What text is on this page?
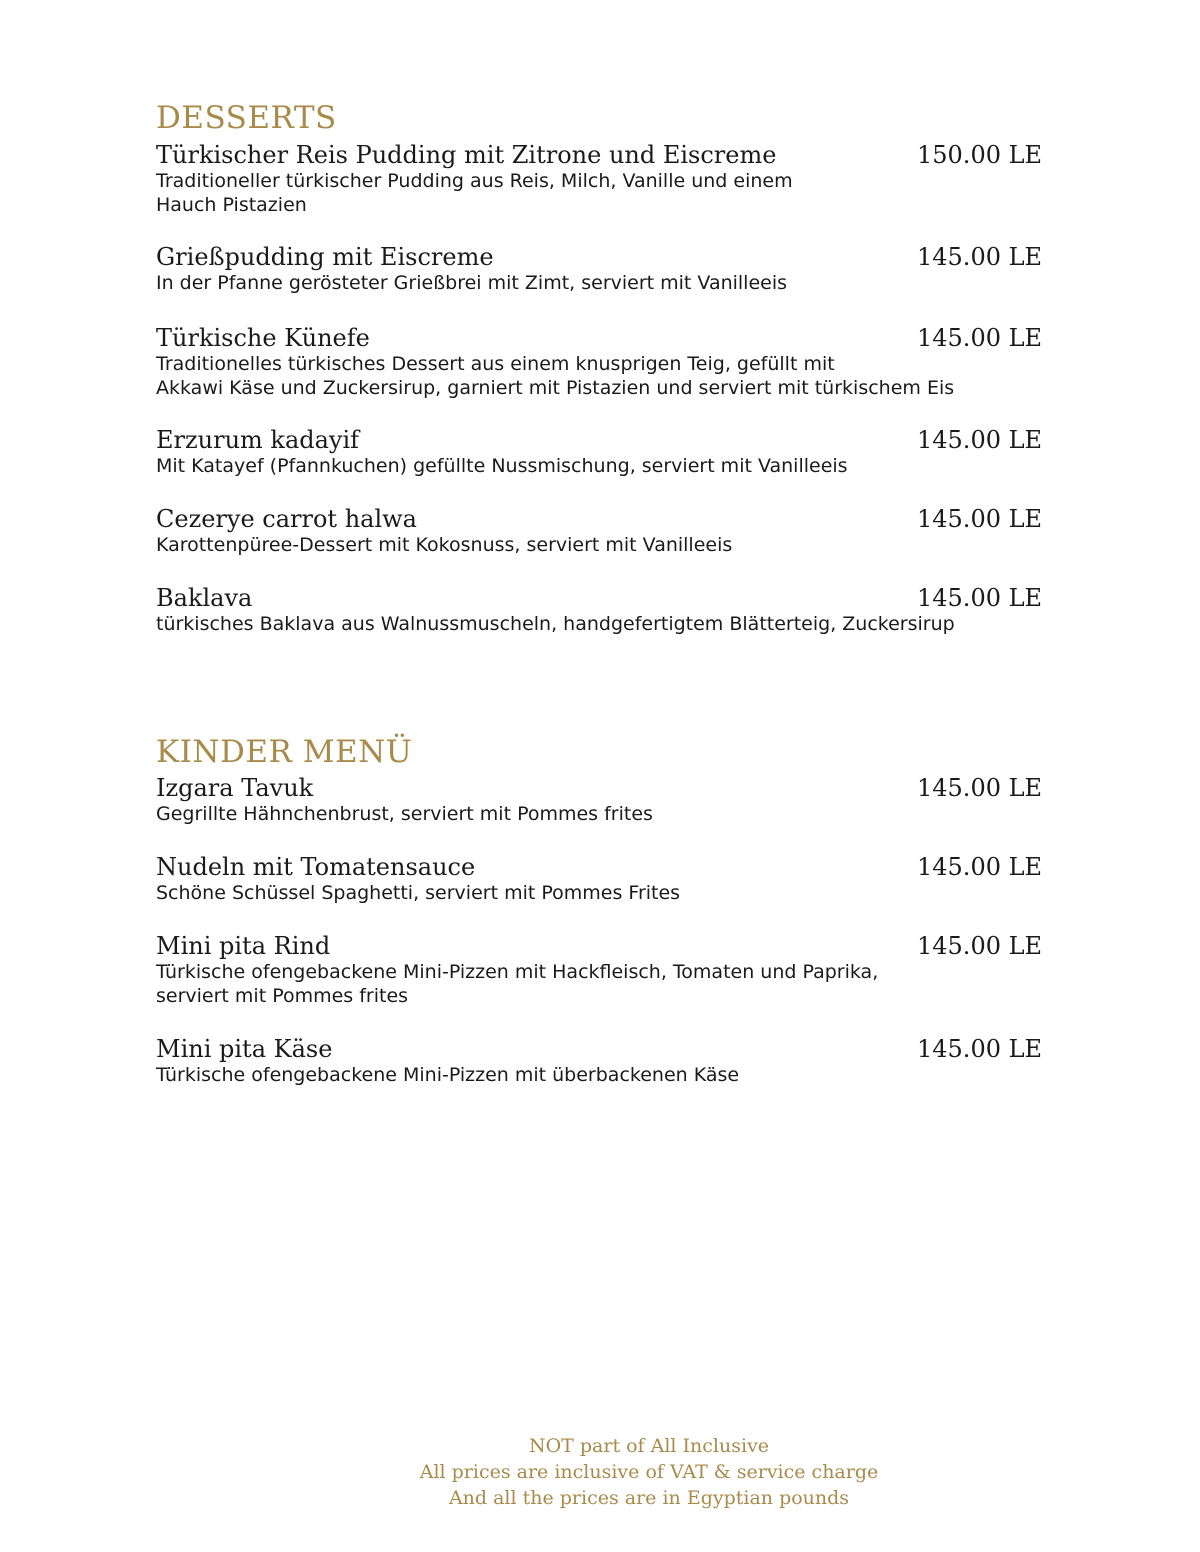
DESSERTS
Türkischer Reis Pudding mit Zitrone und Eiscreme	150.00 LE
Traditioneller türkischer Pudding aus Reis, Milch, Vanille und einem
Hauch Pistazien
Grießpudding mit Eiscreme	145.00 LE
In der Pfanne gerösteter Grießbrei mit Zimt, serviert mit Vanilleeis
Türkische Künefe	145.00 LE
Traditionelles türkisches Dessert aus einem knusprigen Teig, gefüllt mit
Akkawi Käse und Zuckersirup, garniert mit Pistazien und serviert mit türkischem Eis
Erzurum kadayif	145.00 LE
Mit Katayef (Pfannkuchen) gefüllte Nussmischung, serviert mit Vanilleeis
Cezerye carrot halwa	145.00 LE
Karottenpüree-Dessert mit Kokosnuss, serviert mit Vanilleeis
Baklava	145.00 LE
türkisches Baklava aus Walnussmuscheln, handgefertigtem Blätterteig, Zuckersirup
KINDER MENÜ
Izgara Tavuk	145.00 LE
Gegrillte Hähnchenbrust, serviert mit Pommes frites
Nudeln mit Tomatensauce	145.00 LE
Schöne Schüssel Spaghetti, serviert mit Pommes Frites
Mini pita Rind	145.00 LE
Türkische ofengebackene Mini-Pizzen mit Hackfleisch, Tomaten und Paprika,
serviert mit Pommes frites
Mini pita Käse	145.00 LE
Türkische ofengebackene Mini-Pizzen mit überbackenen Käse
NOT part of All Inclusive
All prices are inclusive of VAT & service charge
And all the prices are in Egyptian pounds
